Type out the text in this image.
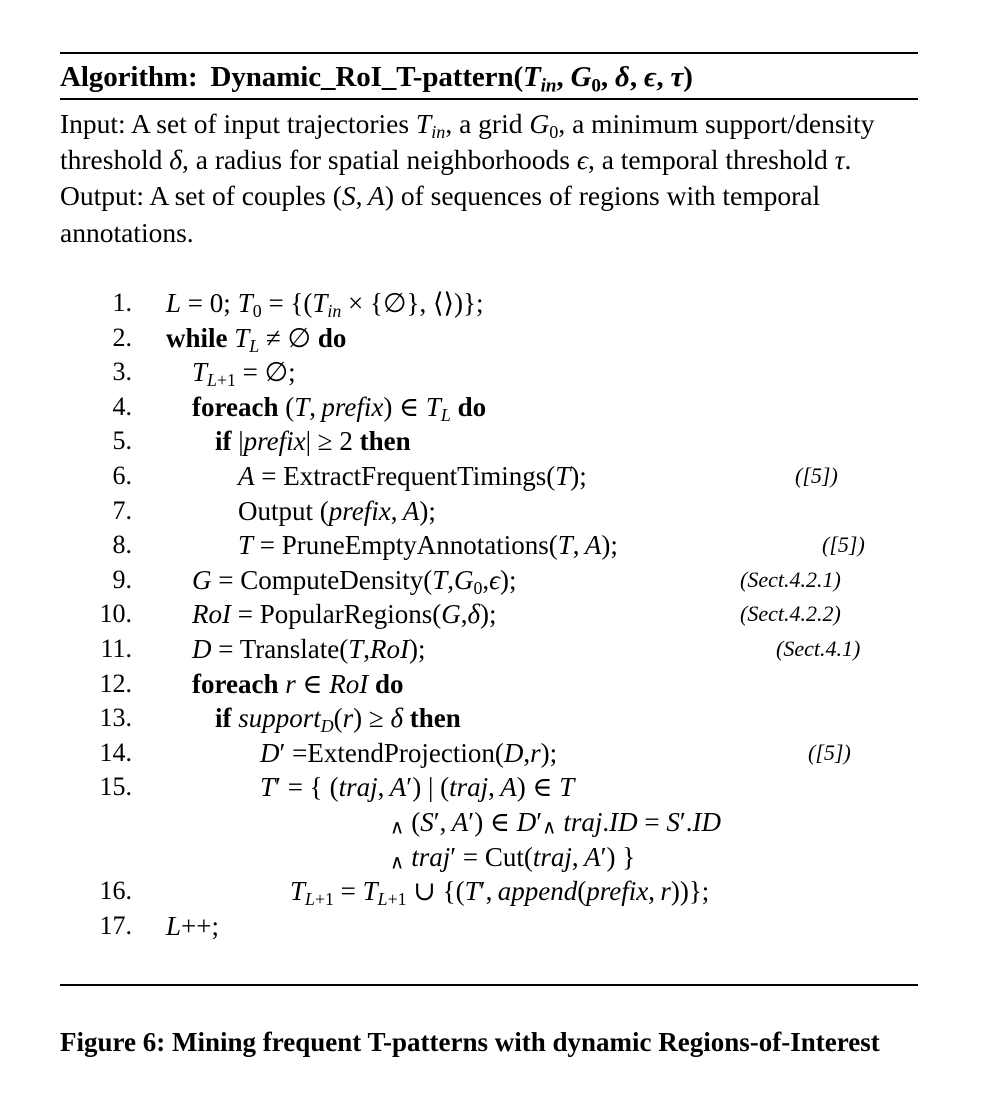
Algorithm: $Dynamic\_RoI\_T-pattern(T_{in}$, $G_0$, δ, ϵ, τ)

Input: A set of input trajectories $T_{in}$, a grid $G_0$, a minimum support/density threshold δ, a radius for spatial neighborhoods ϵ, a temporal threshold τ.

Output: A set of couples (S, A) of sequences of regions with temporal annotations.

1. L = 0; $T_0 = \{(T_{in}$ × {∅}, ⟨⟩)};
2. while $T_L$ ≠ ∅ do
3. $T_{L+1}$ = ∅;
4. foreach (T, prefix) ∈ $T_L$ do
5.	if |prefix| ≥ 2 then
6.	A = ExtractFrequentTimings(T);	([5])
7.	Output (prefix, A);
8.	T = PruneEmptyAnnotations(T, A);	([5])
9. $G = ComputeDensity(T,G_0,\epsilon)$;	(Sect.4.2.1)
10. RoI = PopularRegions(G,δ);	(Sect.4.2.2)
11. D = Translate(T,RoI);	(Sect.4.1)
12. foreach r ∈ RoI do
13.	if support$_D$(r) ≥ δ then
14.	D′ =ExtendProjection(D,r);	([5])
15.	T′ = { (traj, A′) | (traj, A) ∈ T
∧ (S′, A′) ∈ D′∧ traj.ID = S′.ID
∧ traj′ = Cut(traj, A′) }
16.	$T_{L+1} = T_{L+1}$ ∪ {(T′, append(prefix, r))};
17. L++;
Figure 6: Mining frequent T-patterns with dynamic Regions-of-Interest
